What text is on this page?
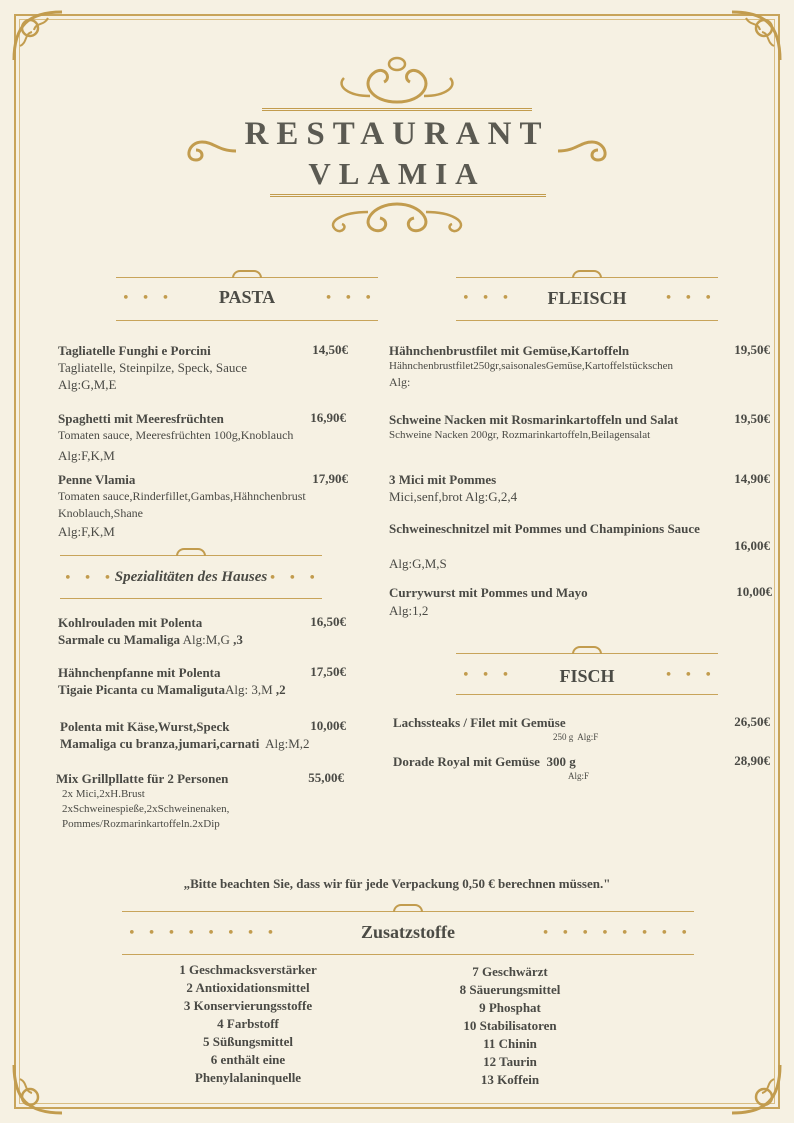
RESTAURANT
VLAMIA
• • •	PASTA	• • •	• • •	FLEISCH	• • •
Tagliatelle Funghi e Porcini
Tagliatelle, Steinpilze, Speck, Sauce
Alg:G,M,E
14,50€
Spaghetti mit Meeresfrüchten
Tomaten sauce, Meeresfrüchten 100g,Knoblauch
Alg:F,K,M
16,90€
Penne Vlamia
Tomaten sauce,Rinderfillet,Gambas,Hähnchenbrust
Knoblauch,Shane
Alg:F,K,M
17,90€
• • • Spezialitäten des Hauses • • •
Kohlrouladen mit Polenta
Sarmale cu Mamaliga Alg:M,G ,3
16,50€
Hähnchenpfanne mit Polenta
Tigaie Picanta cu MamaligutaAlg: 3,M ,2
17,50€
Polenta mit Käse,Wurst,Speck
Mamaliga cu branza,jumari,carnati  Alg:M,2
10,00€
Mix Grillpllatte für 2 Personen
2x Mici,2xH.Brust
2xSchweinespieße,2xSchweinenaken,
Pommes/Rozmarinkartoffeln.2xDip
55,00€
Hähnchenbrustfilet mit Gemüse,Kartoffeln
Hähnchenbrustfilet250gr,saisonalesGemüse,Kartoffelstückschen
Alg:
19,50€
Schweine Nacken mit Rosmarinkartoffeln und Salat
Schweine Nacken 200gr, Rozmarinkartoffeln,Beilagensalat
19,50€
3 Mici mit Pommes
Mici,senf,brot Alg:G,2,4
14,90€
Schweineschnitzel mit Pommes und Champinions Sauce
Alg:G,M,S
16,00€
Currywurst mit Pommes und Mayo
Alg:1,2
10,00€
• • •	FISCH	• • •
Lachssteaks / Filet mit Gemüse
250 g  Alg:F
26,50€
Dorade Royal mit Gemüse 300 g
Alg:F
28,90€
„Bitte beachten Sie, dass wir für jede Verpackung 0,50 € berechnen müssen."
• • • • • • • •	Zusatzstoffe	• • • • • • • •
1 Geschmacksverstärker
2 Antioxidationsmittel
3 Konservierungsstoffe
4 Farbstoff
5 Süßungsmittel
6 enthält eine
Phenylalaninquelle
7 Geschwärzt
8 Säuerungsmittel
9 Phosphat
10 Stabilisatoren
11 Chinin
12 Taurin
13 Koffein
